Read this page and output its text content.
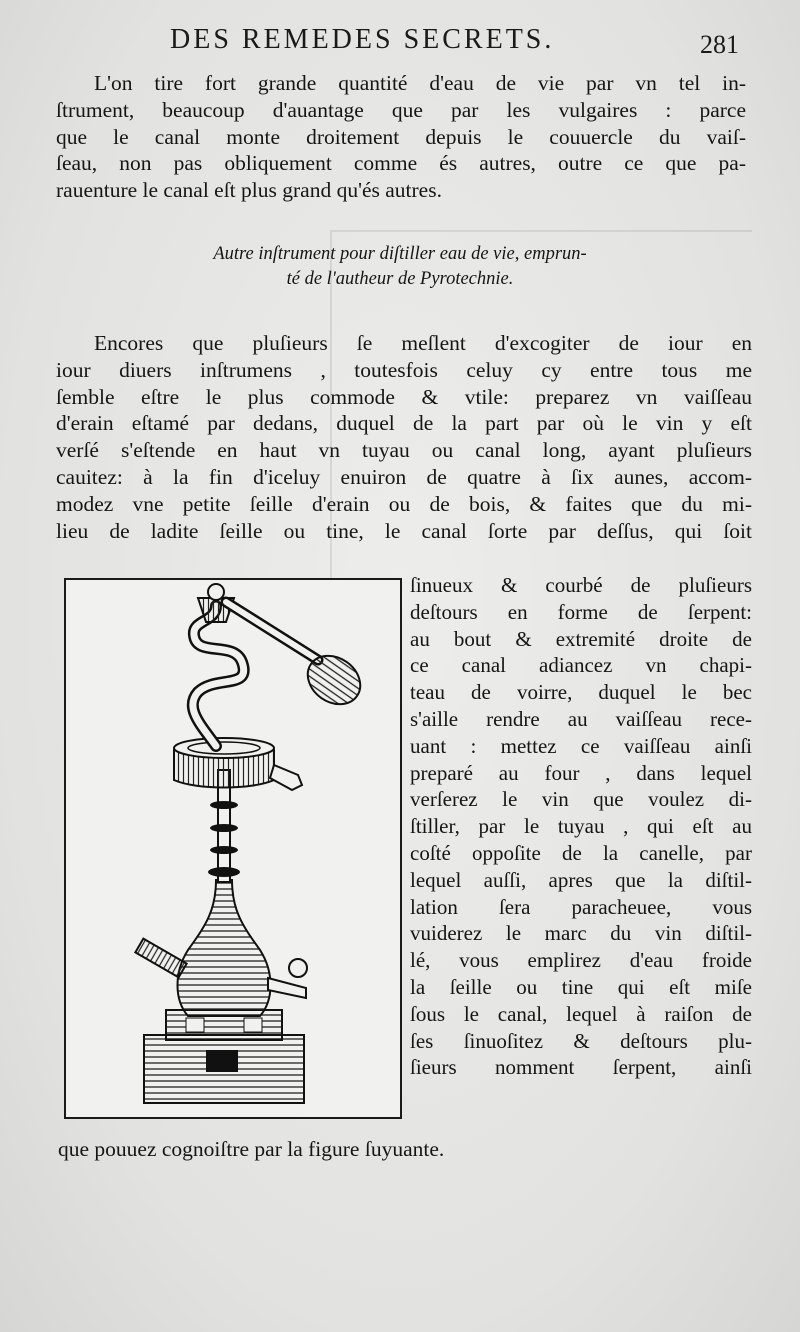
DES REMEDES SECRETS.	281
L'on tire fort grande quantité d'eau de vie par vn tel in-
ſtrument, beaucoup d'auantage que par les vulgaires : parce
que le canal monte droitement depuis le couuercle du vaiſ-
ſeau, non pas obliquement comme és autres, outre ce que pa-
rauenture le canal eſt plus grand qu'és autres.
Autre inſtrument pour diſtiller eau de vie, emprun-
té de l'autheur de Pyrotechnie.
Encores que pluſieurs ſe meſlent d'excogiter de iour en
iour diuers inſtrumens , toutesfois celuy cy entre tous me
ſemble eſtre le plus commode & vtile: preparez vn vaiſſeau
d'erain eſtamé par dedans, duquel de la part par où le vin y eſt
verſé s'eſtende en haut vn tuyau ou canal long, ayant pluſieurs
cauitez: à la fin d'iceluy enuiron de quatre à ſix aunes, accom-
modez vne petite ſeille d'erain ou de bois, & faites que du mi-
lieu de ladite ſeille ou tine, le canal ſorte par deſſus, qui ſoit
ſinueux & courbé de pluſieurs
deſtours en forme de ſerpent:
au bout & extremité droite de
ce canal adiancez vn chapi-
teau de voirre, duquel le bec
s'aille rendre au vaiſſeau rece-
uant : mettez ce vaiſſeau ainſi
preparé au four , dans lequel
verſerez le vin que voulez di-
ſtiller, par le tuyau , qui eſt au
coſté oppoſite de la canelle, par
lequel auſſi, apres que la diſtil-
lation ſera paracheuee, vous
vuiderez le marc du vin diſtil-
lé, vous emplirez d'eau froide
la ſeille ou tine qui eſt miſe
ſous le canal, lequel à raiſon de
ſes ſinuoſitez & deſtours plu-
ſieurs nomment ſerpent, ainſi
que pouuez cognoiſtre par la figure ſuyuante.
